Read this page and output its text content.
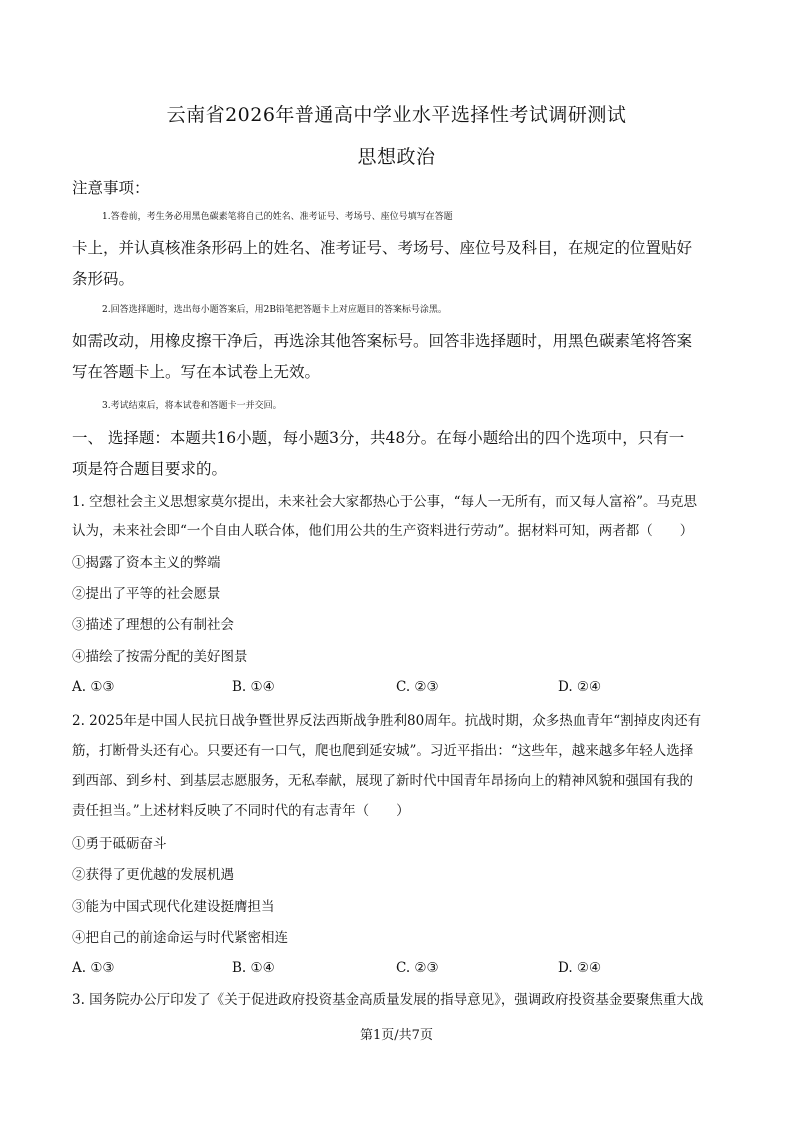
云南省2026年普通高中学业水平选择性考试调研测试
思想政治
注意事项：
1.答卷前，考生务必用黑色碳素笔将自己的姓名、准考证号、考场号、座位号填写在答题
卡上，并认真核准条形码上的姓名、准考证号、考场号、座位号及科目，在规定的位置贴好
条形码。
2.回答选择题时，选出每小题答案后，用2B铅笔把答题卡上对应题目的答案标号涂黑。
如需改动，用橡皮擦干净后，再选涂其他答案标号。回答非选择题时，用黑色碳素笔将答案
写在答题卡上。写在本试卷上无效。
3.考试结束后，将本试卷和答题卡一并交回。
一、 选择题：本题共16小题，每小题3分，共48分。在每小题给出的四个选项中，只有一
项是符合题目要求的。
1. 空想社会主义思想家莫尔提出，未来社会大家都热心于公事，“每人一无所有，而又每人富裕”。马克思
认为，未来社会即“一个自由人联合体，他们用公共的生产资料进行劳动”。据材料可知，两者都（　　）
①揭露了资本主义的弊端
②提出了平等的社会愿景
③描述了理想的公有制社会
④描绘了按需分配的美好图景
A. ①③	B. ①④	C. ②③	D. ②④
2. 2025年是中国人民抗日战争暨世界反法西斯战争胜利80周年。抗战时期，众多热血青年“割掉皮肉还有
筋，打断骨头还有心。只要还有一口气，爬也爬到延安城”。习近平指出：“这些年，越来越多年轻人选择
到西部、到乡村、到基层志愿服务，无私奉献，展现了新时代中国青年昂扬向上的精神风貌和强国有我的
责任担当。”上述材料反映了不同时代的有志青年（　　）
①勇于砥砺奋斗
②获得了更优越的发展机遇
③能为中国式现代化建设挺膺担当
④把自己的前途命运与时代紧密相连
A. ①③	B. ①④	C. ②③	D. ②④
3. 国务院办公厅印发了《关于促进政府投资基金高质量发展的指导意见》，强调政府投资基金要聚焦重大战
第1页/共7页
